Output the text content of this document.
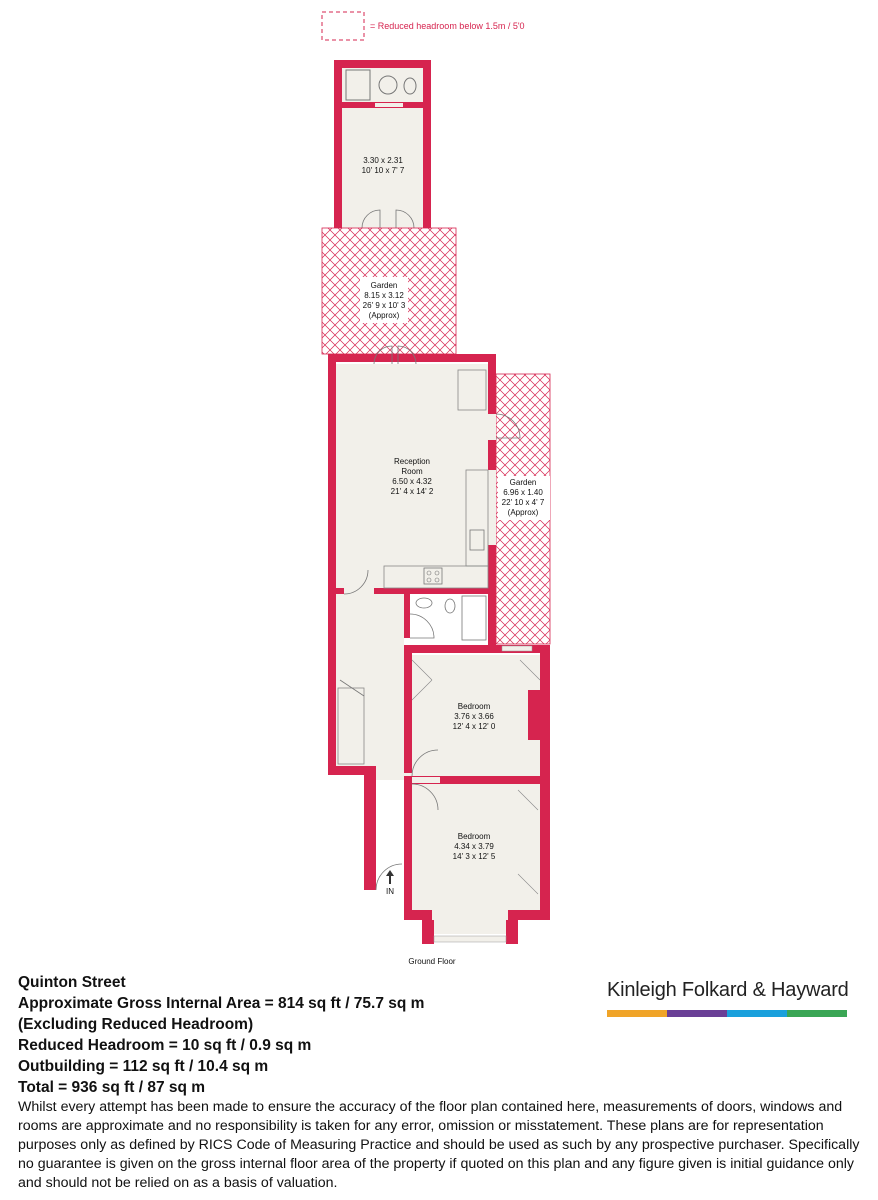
= Reduced headroom below 1.5m / 5'0
3.30 x 2.31
10' 10 x 7' 7
Garden
8.15 x 3.12
26' 9 x 10' 3
(Approx)
Garden
6.96 x 1.40
22' 10 x 4' 7
(Approx)
Reception
Room
6.50 x 4.32
21' 4 x 14' 2
Bedroom
3.76 x 3.66
12' 4 x 12' 0
Bedroom
4.34 x 3.79
14' 3 x 12' 5
IN
Ground Floor
Quinton Street
Approximate Gross Internal Area = 814 sq ft / 75.7 sq m
(Excluding Reduced Headroom)
Reduced Headroom = 10 sq ft / 0.9 sq m
Outbuilding = 112 sq ft / 10.4 sq m
Total = 936 sq ft / 87 sq m
Whilst every attempt has been made to ensure the accuracy of the floor plan contained here, measurements of doors, windows and rooms are approximate and no responsibility is taken for any error, omission or misstatement. These plans are for representation purposes only as defined by RICS Code of Measuring Practice and should be used as such by any prospective purchaser. Specifically no guarantee is given on the gross internal floor area of the property if quoted on this plan and any figure given is initial guidance only and should not be relied on as a basis of valuation.
Kinleigh Folkard & Hayward
